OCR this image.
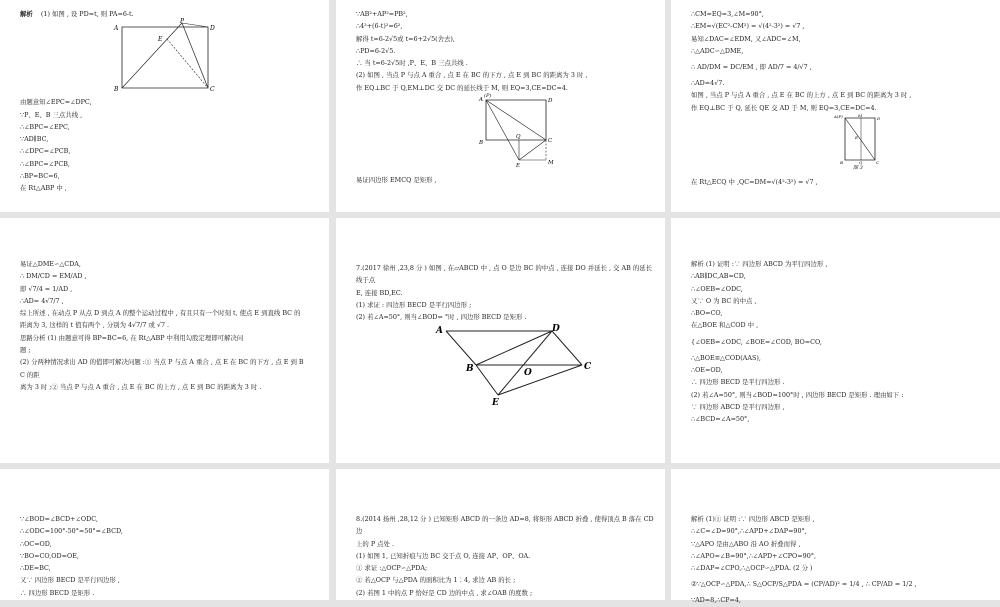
解析 (1) 如图 , 设 PD=t, 则 PA=6-t.
A
P
D
E
B	C
由题意知∠EPC=∠DPC,
∵P、E、B 三点共线 ,
∴∠BPC=∠EPC,
∵AD∥BC,
∴∠DPC=∠PCB,
∴∠BPC=∠PCB,
∴BP=BC=6,
在 Rt△ABP 中 ,
∵AB²+AP²=PB²,
∴4²+(6-t)²=6²,
解得 t=6-2√5或 t=6+2√5(舍去),
∴PD=6-2√5.
∴ 当 t=6-2√5时 ,P、E、B 三点共线 .
(2) 如图 , 当点 P 与点 A 重合 , 点 E 在 BC 的下方 , 点 E 到 BC 的距离为 3 时 ,
作 EQ⊥BC 于 Q,EM⊥DC 交 DC 的延长线于 M, 则 EQ=3,CE=DC=4.
A
(P)
D
B
Q
C
E	M
易证四边形 EMCQ 是矩形 ,
∴CM=EQ=3,∠M=90°,
∴EM=√(EC²-CM²) = √(4²-3²) = √7 ,
易知∠DAC=∠EDM, 又∠ADC=∠M,
∴△ADC∽△DME,
∴ AD/DM = DC/EM , 即 AD/7 = 4/√7 ,
∴AD=4√7.
如图 , 当点 P 与点 A 重合 , 点 E 在 BC 的上方 , 点 E 到 BC 的距离为 3 时 ,
作 EQ⊥BC 于 Q, 延长 QE 交 AD 于 M, 则 EQ=3,CE=DC=4.
A(P)	M
D
E
B	Q	C
图 3
在 Rt△ECQ 中 ,QC=DM=√(4²-3²) = √7 ,
易证△DME∽△CDA,
∴ DM/CD = EM/AD ,
即 √7/4 = 1/AD ,
∴AD= 4√7/7 ,
综上所述 , 在动点 P 从点 D 到点 A 的整个运动过程中 , 有且只有一个时刻 t, 使点 E 到直线 BC 的
距离为 3, 这样的 t 值有两个 , 分别为 4√7/7 或 √7 .
思路分析 (1) 由题意可得 BP=BC=6, 在 Rt△ABP 中利用勾股定理即可解决问
题 ;
(2) 分两种情况求出 AD 的值即可解决问题 :① 当点 P 与点 A 重合 , 点 E 在 BC 的下方 , 点 E 到 B
C 的距
离为 3 时 ;② 当点 P 与点 A 重合 , 点 E 在 BC 的上方 , 点 E 到 BC 的距离为 3 时 .
7.(2017 徐州 ,23,8 分 ) 如图 , 在▱ABCD 中 , 点 O 是边 BC 的中点 , 连接 DO 并延长 , 交 AB 的延长
线于点
E, 连接 BD,EC.
(1) 求证 : 四边形 BECD 是平行四边形 ;
(2) 若∠A=50°, 则当∠BOD= °时 , 四边形 BECD 是矩形 .
A	D
B	O
C
E
解析 (1) 证明 :∵ 四边形 ABCD 为平行四边形 ,
∴AB∥DC,AB=CD,
∴∠OEB=∠ODC,
又∵ O 为 BC 的中点 ,
∴BO=CO,
在△BOE 和△COD 中 ,
{∠OEB=∠ODC, ∠BOE=∠COD, BO=CO,
∴△BOE≌△COD(AAS),
∴OE=OD,
∴ 四边形 BECD 是平行四边形 .
(2) 若∠A=50°, 则当∠BOD=100°时 , 四边形 BECD 是矩形 . 理由如下 :
∵ 四边形 ABCD 是平行四边形 ,
∴∠BCD=∠A=50°,
∵∠BOD=∠BCD+∠ODC,
∴∠ODC=100°-50°=50°=∠BCD,
∴OC=OD,
∵BO=CO,OD=OE,
∴DE=BC,
又∵ 四边形 BECD 是平行四边形 ,
∴ 四边形 BECD 是矩形 .
8.(2014 扬州 ,28,12 分 ) 已知矩形 ABCD 的一条边 AD=8, 将矩形 ABCD 折叠 , 使得顶点 B 落在 CD
边
上的 P 点处 .
(1) 如图 1, 已知折痕与边 BC 交于点 O, 连接 AP、OP、OA.
① 求证 :△OCP∽△PDA;
② 若△OCP 与△PDA 的面积比为 1∶4, 求边 AB 的长 ;
(2) 若图 1 中的点 P 恰好是 CD 边的中点 , 求∠OAB 的度数 ;
解析 (1)① 证明 :∵ 四边形 ABCD 是矩形 ,
∴∠C=∠D=90°,∴∠APD+∠DAP=90°,
∵△APO 是由△ABO 沿 AO 折叠而得 ,
∴∠APO=∠B=90°,∴∠APD+∠CPO=90°,
∴∠DAP=∠CPO,∴△OCP∽△PDA. (2 分 )
②∵△OCP∽△PDA,∴ S△OCP/S△PDA = (CP/AD)² = 1/4 , ∴ CP/AD = 1/2 ,
∵AD=8,∴CP=4,
